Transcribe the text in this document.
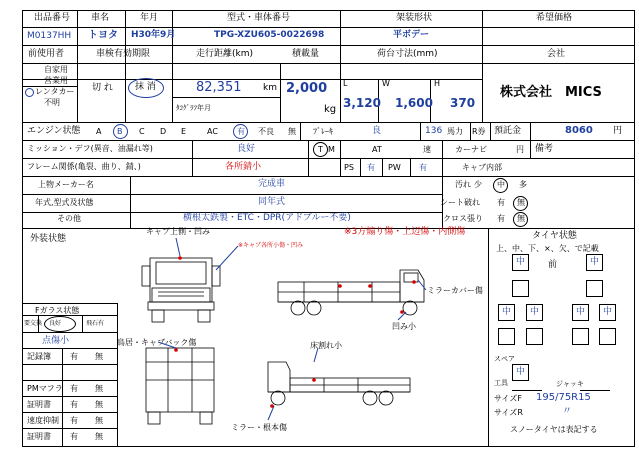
出品番号
M0137HH
車名
トヨタ
年月
H30年9月
型式・車体番号
TPG-XZU605-0022698
架装形状
平ボデー
希望価格
前使用者
自家用
営業用
レンタカー
不明
車検有効期限
切 れ 抹 消
走行距離(km)
82,351 km
ﾀｺｸﾞﾗﾌ年月
積載量
2,000
kg
荷台寸法(mm)
L	W	H
3,120 1,600 370
会社
株式会社　MICS
エンジン状態 A B C D E	AC 有 不良 無 ﾌﾞﾚｰｷ	良	136 馬力 R券 預託金	8060 円
ミッション・デフ(異音、油漏れ等)	良好	T M	AT	速	カーナビ	円 備考
フレーム関係(亀裂、曲り、錆、)	各所錆小	PS 有 PW 有	キャブ内部
上物メーカー名	完成車
年式,型式及状態	同年式
その他	横根太鉄製・ETC・DPR(アドブルー不要)
汚れ 少 中 多
シート破れ 有 無
クロス張り 有 無
外装状態
キャブ上側・凹み
※キャブ各所小傷・凹み
※3方煽り傷・上辺傷・内側傷
ミラーカバー傷
凹み小
鳥居・キャブバック傷	床割れ小
ミラー・根本傷
Fガラス状態
要交換 良好	飛石有
点傷小
記録簿 有 無
PMマフラ 有 無
証明書 有 無
速度抑制 有 無
証明書 有 無
タイヤ状態
上、中、下、×、欠、で記載
前
中	中
中	中	中	中
スペア
中
工具	ジャッキ
サイズF 195/75R15
サイズR	〃
スノータイヤは表記する
